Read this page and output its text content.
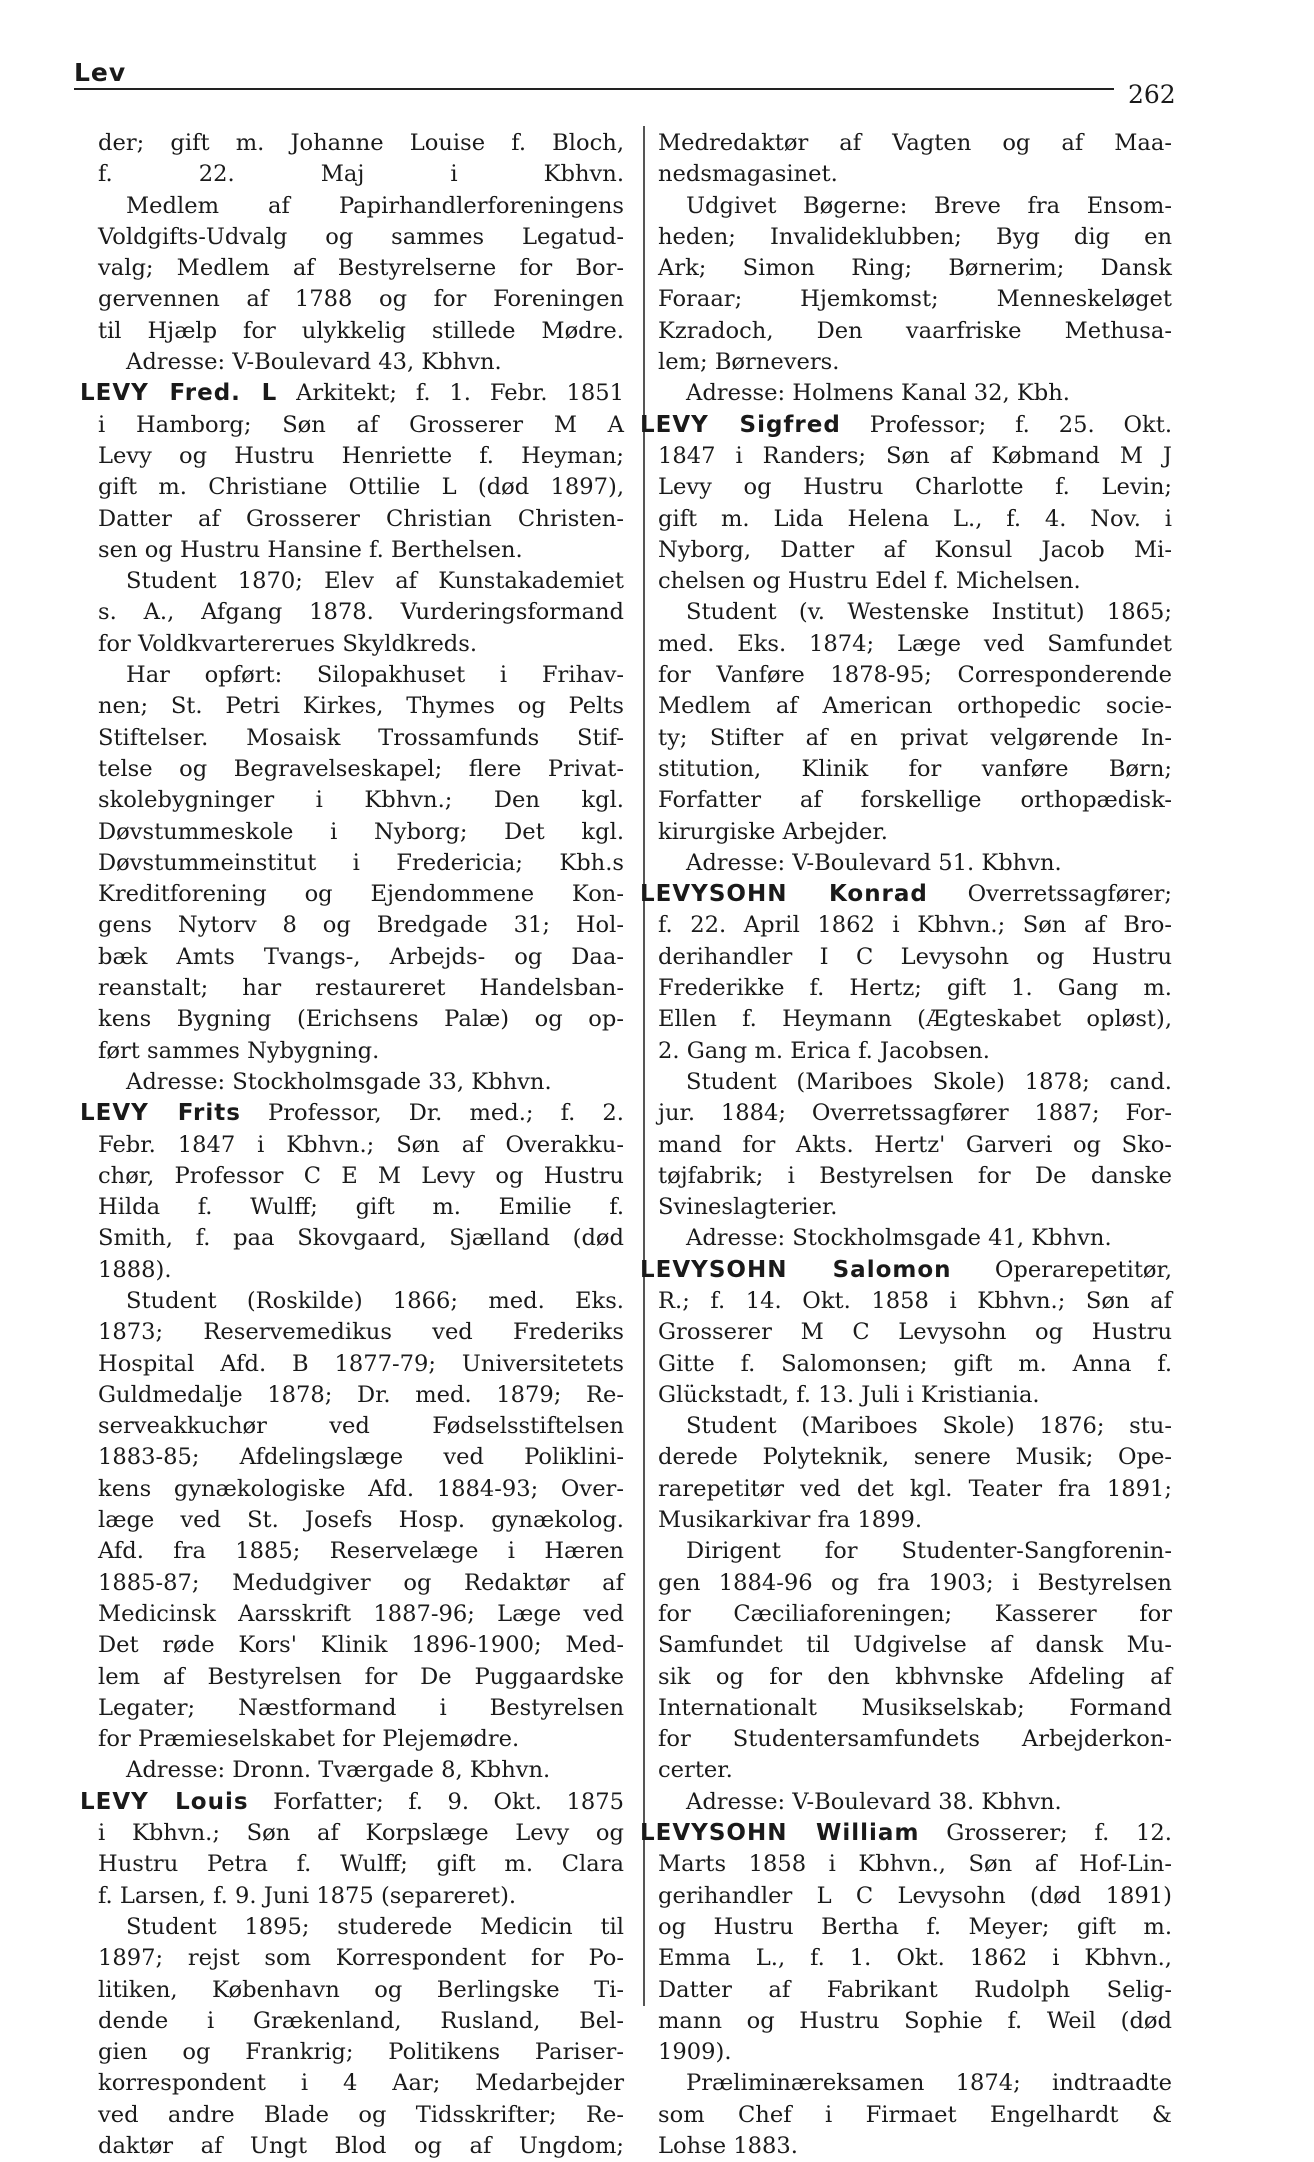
Lev
262
der; gift m. Johanne Louise f. Bloch,
f. 22. Maj i Kbhvn.
Medlem af Papirhandlerforeningens
Voldgifts-Udvalg og sammes Legatud-
valg; Medlem af Bestyrelserne for Bor-
gervennen af 1788 og for Foreningen
til Hjælp for ulykkelig stillede Mødre.
Adresse: V-Boulevard 43, Kbhvn.
LEVY Fred. L Arkitekt; f. 1. Febr. 1851
i Hamborg; Søn af Grosserer M A
Levy og Hustru Henriette f. Heyman;
gift m. Christiane Ottilie L (død 1897),
Datter af Grosserer Christian Christen-
sen og Hustru Hansine f. Berthelsen.
Student 1870; Elev af Kunstakademiet
s. A., Afgang 1878. Vurderingsformand
for Voldkvartererues Skyldkreds.
Har opført: Silopakhuset i Frihav-
nen; St. Petri Kirkes, Thymes og Pelts
Stiftelser. Mosaisk Trossamfunds Stif-
telse og Begravelseskapel; flere Privat-
skolebygninger i Kbhvn.; Den kgl.
Døvstummeskole i Nyborg; Det kgl.
Døvstummeinstitut i Fredericia; Kbh.s
Kreditforening og Ejendommene Kon-
gens Nytorv 8 og Bredgade 31; Hol-
bæk Amts Tvangs-, Arbejds- og Daa-
reanstalt; har restaureret Handelsban-
kens Bygning (Erichsens Palæ) og op-
ført sammes Nybygning.
Adresse: Stockholmsgade 33, Kbhvn.
LEVY Frits Professor, Dr. med.; f. 2.
Febr. 1847 i Kbhvn.; Søn af Overakku-
chør, Professor C E M Levy og Hustru
Hilda f. Wulff; gift m. Emilie f.
Smith, f. paa Skovgaard, Sjælland (død
1888).
Student (Roskilde) 1866; med. Eks.
1873; Reservemedikus ved Frederiks
Hospital Afd. B 1877-79; Universitetets
Guldmedalje 1878; Dr. med. 1879; Re-
serveakkuchør ved Fødselsstiftelsen
1883-85; Afdelingslæge ved Poliklini-
kens gynækologiske Afd. 1884-93; Over-
læge ved St. Josefs Hosp. gynækolog.
Afd. fra 1885; Reservelæge i Hæren
1885-87; Medudgiver og Redaktør af
Medicinsk Aarsskrift 1887-96; Læge ved
Det røde Kors' Klinik 1896-1900; Med-
lem af Bestyrelsen for De Puggaardske
Legater; Næstformand i Bestyrelsen
for Præmieselskabet for Plejemødre.
Adresse: Dronn. Tværgade 8, Kbhvn.
LEVY Louis Forfatter; f. 9. Okt. 1875
i Kbhvn.; Søn af Korpslæge Levy og
Hustru Petra f. Wulff; gift m. Clara
f. Larsen, f. 9. Juni 1875 (separeret).
Student 1895; studerede Medicin til
1897; rejst som Korrespondent for Po-
litiken, København og Berlingske Ti-
dende i Grækenland, Rusland, Bel-
gien og Frankrig; Politikens Pariser-
korrespondent i 4 Aar; Medarbejder
ved andre Blade og Tidsskrifter; Re-
daktør af Ungt Blod og af Ungdom;
Medredaktør af Vagten og af Maa-
nedsmagasinet.
Udgivet Bøgerne: Breve fra Ensom-
heden; Invalideklubben; Byg dig en
Ark; Simon Ring; Børnerim; Dansk
Foraar; Hjemkomst; Menneskeløget
Kzradoch, Den vaarfriske Methusa-
lem; Børnevers.
Adresse: Holmens Kanal 32, Kbh.
LEVY Sigfred Professor; f. 25. Okt.
1847 i Randers; Søn af Købmand M J
Levy og Hustru Charlotte f. Levin;
gift m. Lida Helena L., f. 4. Nov. i
Nyborg, Datter af Konsul Jacob Mi-
chelsen og Hustru Edel f. Michelsen.
Student (v. Westenske Institut) 1865;
med. Eks. 1874; Læge ved Samfundet
for Vanføre 1878-95; Corresponderende
Medlem af American orthopedic socie-
ty; Stifter af en privat velgørende In-
stitution, Klinik for vanføre Børn;
Forfatter af forskellige orthopædisk-
kirurgiske Arbejder.
Adresse: V-Boulevard 51. Kbhvn.
LEVYSOHN Konrad Overretssagfører;
f. 22. April 1862 i Kbhvn.; Søn af Bro-
derihandler I C Levysohn og Hustru
Frederikke f. Hertz; gift 1. Gang m.
Ellen f. Heymann (Ægteskabet opløst),
2. Gang m. Erica f. Jacobsen.
Student (Mariboes Skole) 1878; cand.
jur. 1884; Overretssagfører 1887; For-
mand for Akts. Hertz' Garveri og Sko-
tøjfabrik; i Bestyrelsen for De danske
Svineslagterier.
Adresse: Stockholmsgade 41, Kbhvn.
LEVYSOHN Salomon Operarepetitør,
R.; f. 14. Okt. 1858 i Kbhvn.; Søn af
Grosserer M C Levysohn og Hustru
Gitte f. Salomonsen; gift m. Anna f.
Glückstadt, f. 13. Juli i Kristiania.
Student (Mariboes Skole) 1876; stu-
derede Polyteknik, senere Musik; Ope-
rarepetitør ved det kgl. Teater fra 1891;
Musikarkivar fra 1899.
Dirigent for Studenter-Sangforenin-
gen 1884-96 og fra 1903; i Bestyrelsen
for Cæciliaforeningen; Kasserer for
Samfundet til Udgivelse af dansk Mu-
sik og for den kbhvnske Afdeling af
Internationalt Musikselskab; Formand
for Studentersamfundets Arbejderkon-
certer.
Adresse: V-Boulevard 38. Kbhvn.
LEVYSOHN William Grosserer; f. 12.
Marts 1858 i Kbhvn., Søn af Hof-Lin-
gerihandler L C Levysohn (død 1891)
og Hustru Bertha f. Meyer; gift m.
Emma L., f. 1. Okt. 1862 i Kbhvn.,
Datter af Fabrikant Rudolph Selig-
mann og Hustru Sophie f. Weil (død
1909).
Præliminæreksamen 1874; indtraadte
som Chef i Firmaet Engelhardt &
Lohse 1883.
